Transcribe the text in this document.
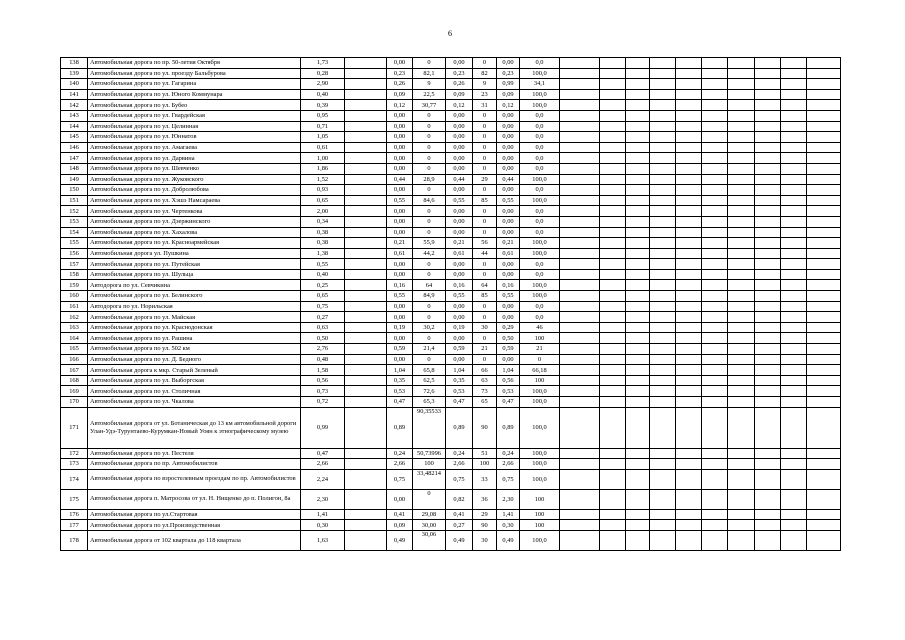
6
138	Автомобильная дорога по пр. 50-летия Октября	1,73		0,00	0	0,00	0	0,00	0,0										
139	Автомобильная дорога по ул. проезду Бальбурова	0,28		0,23	82,1	0,23	82	0,23	100,0										
140	Автомобильная дорога по ул. Гагарина	2,90		0,26	9	0,26	9	0,99	34,1										
141	Автомобильная дорога по ул. Юного Коммунара	0,40		0,09	22,5	0,09	23	0,09	100,0										
142	Автомобильная дорога по ул. Бубео	0,39		0,12	30,77	0,12	31	0,12	100,0										
143	Автомобильная дорога по ул. Гвардейская	0,95		0,00	0	0,00	0	0,00	0,0										
144	Автомобильная дорога по ул. Целинная	0,71		0,00	0	0,00	0	0,00	0,0										
145	Автомобильная дорога по ул. Юннатов	1,05		0,00	0	0,00	0	0,00	0,0										
146	Автомобильная дорога по ул. Амагаева	0,61		0,00	0	0,00	0	0,00	0,0										
147	Автомобильная дорога по ул. Дарвина	1,00		0,00	0	0,00	0	0,00	0,0										
148	Автомобильная дорога по ул. Шевченко	1,86		0,00	0	0,00	0	0,00	0,0										
149	Автомобильная дорога по ул. Жуковского	1,52		0,44	28,9	0,44	29	0,44	100,0										
150	Автомобильная дорога по ул. Добролюбова	0,93		0,00	0	0,00	0	0,00	0,0										
151	Автомобильная дорога по ул. Хэшэ Намсараева	0,65		0,55	84,6	0,55	85	0,55	100,0										
152	Автомобильная дорога по ул. Чертенкова	2,00		0,00	0	0,00	0	0,00	0,0										
153	Автомобильная дорога по ул. Дзержинского	0,34		0,00	0	0,00	0	0,00	0,0										
154	Автомобильная дорога по ул. Хахалова	0,38		0,00	0	0,00	0	0,00	0,0										
155	Автомобильная дорога по ул. Красноармейская	0,38		0,21	55,9	0,21	56	0,21	100,0										
156	Автомобильная дорога ул. Пушкина	1,38		0,61	44,2	0,61	44	0,61	100,0										
157	Автомобильная дорога по ул. Путейская	0,55		0,00	0	0,00	0	0,00	0,0										
158	Автомобильная дорога по ул. Шульца	0,40		0,00	0	0,00	0	0,00	0,0										
159	Автодорога по ул. Севчикина	0,25		0,16	64	0,16	64	0,16	100,0										
160	Автомобильная дорога по ул. Белинского	0,65		0,55	84,9	0,55	85	0,55	100,0										
161	Автодорога по ул. Норильская	0,75		0,00	0	0,00	0	0,00	0,0										
162	Автомобильная дорога по ул. Майская	0,27		0,00	0	0,00	0	0,00	0,0										
163	Автомобильная дорога по ул. Краснодонская	0,63		0,19	30,2	0,19	30	0,29	46										
164	Автомобильная дорога по ул. Рашина	0,50		0,00	0	0,00	0	0,50	100										
165	Автомобильная дорога по ул. 502 км	2,76		0,59	21,4	0,59	21	0,59	21										
166	Автомобильная дорога по ул. Д. Бедного	0,48		0,00	0	0,00	0	0,00	0										
167	Автомобильная дорога к мкр. Старый Зеленый	1,58		1,04	65,8	1,04	66	1,04	66,18										
168	Автомобильная дорога по ул. Выборгская	0,56		0,35	62,5	0,35	63	0,56	100										
169	Автомобильная дорога по ул. Столичная	0,73		0,53	72,6	0,53	73	0,53	100,0										
170	Автомобильная дорога по ул. Чкалова	0,72		0,47	65,3	0,47	65	0,47	100,0										
171	Автомобильная дорога от ул. Ботаническая до 13 км автомобильной дороги Улан-Удэ-Турунтаево-Курумкан-Новый Уоян к этнографическому музею	0,99		0,89	90,35533	0,89	90	0,89	100,0										
172	Автомобильная дорога по ул. Пестеля	0,47		0,24	50,73996	0,24	51	0,24	100,0										
173	Автомобильная дорога по пр. Автомобилистов	2,66		2,66	100	2,66	100	2,66	100,0										
174	Автомобильная дорога по взростелевным проездам по пр. Автомобилистов	2,24		0,75	33,48214	0,75	33	0,75	100,0										
175	Автомобильная дорога п. Матросова от ул. Н. Нищенко до п. Полигон, 8а	2,30		0,00	0	0,82	36	2,30	100										
176	Автомобильная дорога по ул.Стартовая	1,41		0,41	29,08	0,41	29	1,41	100										
177	Автомобильная дорога по ул.Производственная	0,30		0,09	30,00	0,27	90	0,30	100										
178	Автомобильная дорога от 102 квартала до 118 квартала	1,63		0,49	30,06	0,49	30	0,49	100,0										
